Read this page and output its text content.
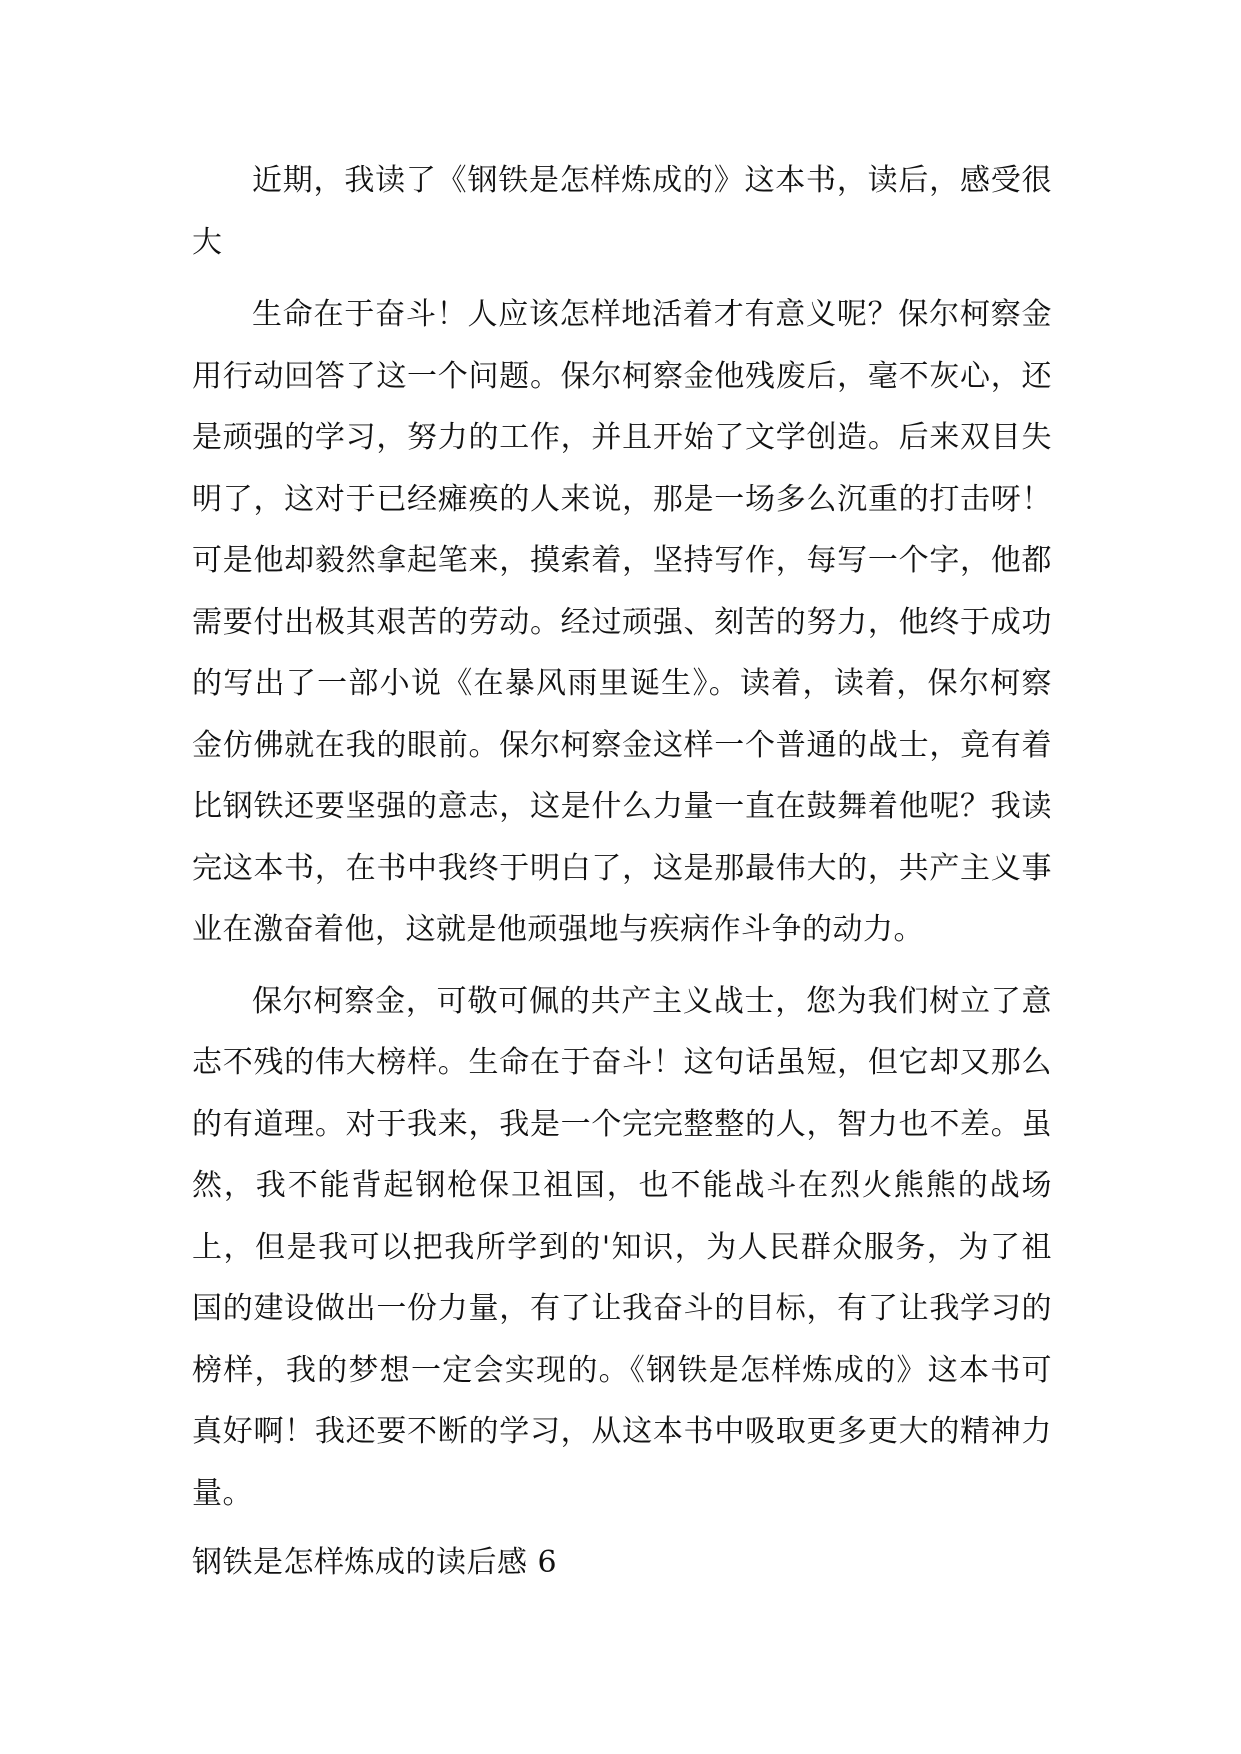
近期，我读了《钢铁是怎样炼成的》这本书，读后，感受很大

生命在于奋斗！人应该怎样地活着才有意义呢？保尔柯察金用行动回答了这一个问题。保尔柯察金他残废后，毫不灰心，还是顽强的学习，努力的工作，并且开始了文学创造。后来双目失明了，这对于已经瘫痪的人来说，那是一场多么沉重的打击呀！可是他却毅然拿起笔来，摸索着，坚持写作，每写一个字，他都需要付出极其艰苦的劳动。经过顽强、刻苦的努力，他终于成功的写出了一部小说《在暴风雨里诞生》。读着，读着，保尔柯察金仿佛就在我的眼前。保尔柯察金这样一个普通的战士，竟有着比钢铁还要坚强的意志，这是什么力量一直在鼓舞着他呢？我读完这本书，在书中我终于明白了，这是那最伟大的，共产主义事业在激奋着他，这就是他顽强地与疾病作斗争的动力。

保尔柯察金，可敬可佩的共产主义战士，您为我们树立了意志不残的伟大榜样。生命在于奋斗！这句话虽短，但它却又那么的有道理。对于我来，我是一个完完整整的人，智力也不差。虽然，我不能背起钢枪保卫祖国，也不能战斗在烈火熊熊的战场上，但是我可以把我所学到的'知识，为人民群众服务，为了祖国的建设做出一份力量，有了让我奋斗的目标，有了让我学习的榜样，我的梦想一定会实现的。《钢铁是怎样炼成的》这本书可真好啊！我还要不断的学习，从这本书中吸取更多更大的精神力量。

钢铁是怎样炼成的读后感 6
